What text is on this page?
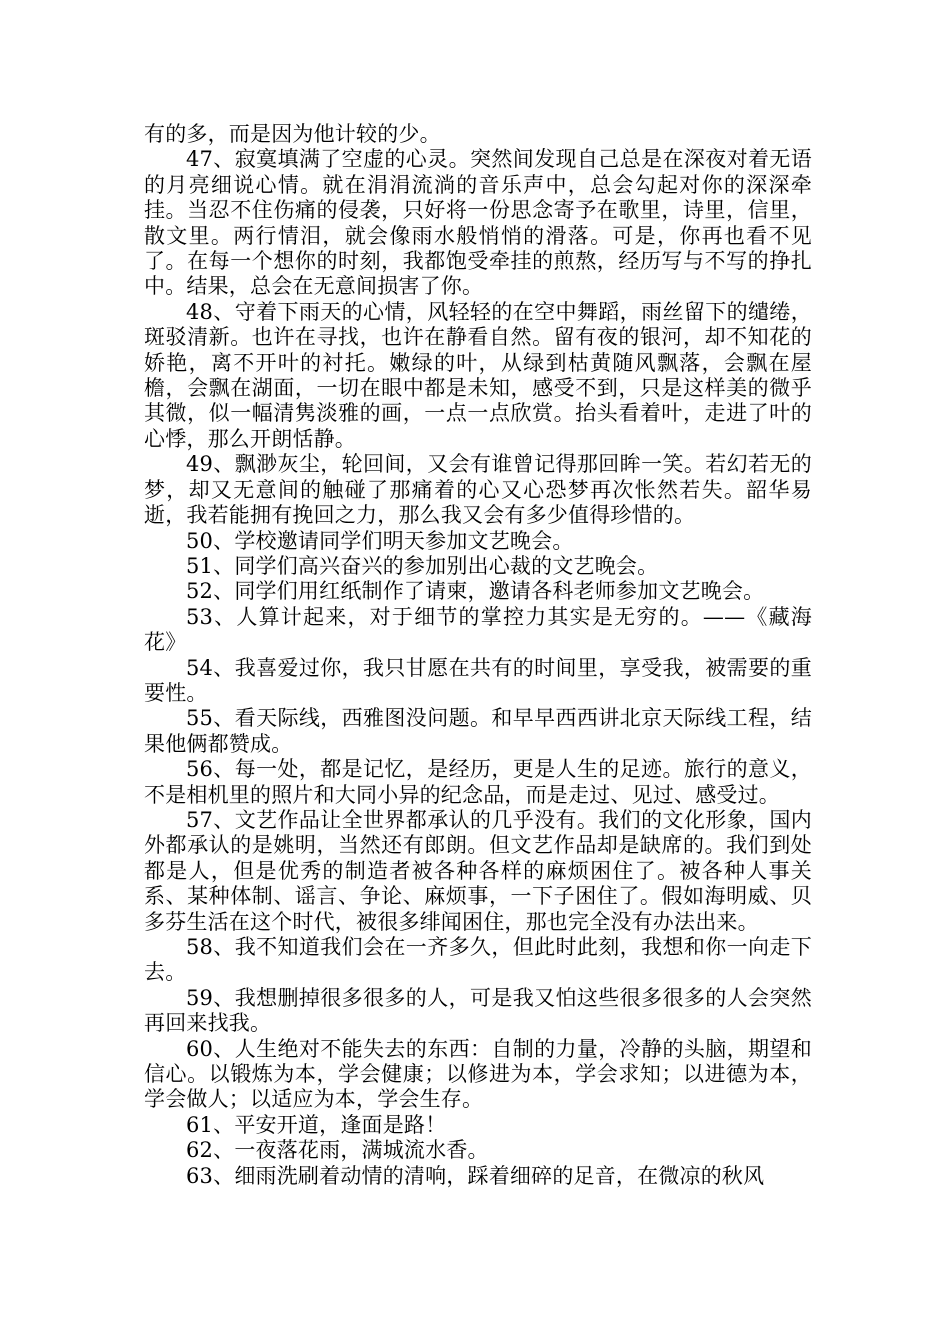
有的多，而是因为他计较的少。

47、寂寞填满了空虚的心灵。突然间发现自己总是在深夜对着无语的月亮细说心情。就在涓涓流淌的音乐声中，总会勾起对你的深深牵挂。当忍不住伤痛的侵袭，只好将一份思念寄予在歌里，诗里，信里，散文里。两行情泪，就会像雨水般悄悄的滑落。可是，你再也看不见了。在每一个想你的时刻，我都饱受牵挂的煎熬，经历写与不写的挣扎中。结果，总会在无意间损害了你。

48、守着下雨天的心情，风轻轻的在空中舞蹈，雨丝留下的缱绻，斑驳清新。也许在寻找，也许在静看自然。留有夜的银河，却不知花的娇艳，离不开叶的衬托。嫩绿的叶，从绿到枯黄随风飘落，会飘在屋檐，会飘在湖面，一切在眼中都是未知，感受不到，只是这样美的微乎其微，似一幅清隽淡雅的画，一点一点欣赏。抬头看着叶，走进了叶的心悸，那么开朗恬静。

49、飘渺灰尘，轮回间，又会有谁曾记得那回眸一笑。若幻若无的梦，却又无意间的触碰了那痛着的心又心恐梦再次怅然若失。韶华易逝，我若能拥有挽回之力，那么我又会有多少值得珍惜的。

50、学校邀请同学们明天参加文艺晚会。

51、同学们高兴奋兴的参加别出心裁的文艺晚会。

52、同学们用红纸制作了请柬，邀请各科老师参加文艺晚会。

53、人算计起来，对于细节的掌控力其实是无穷的。——《藏海花》

54、我喜爱过你，我只甘愿在共有的时间里，享受我，被需要的重要性。

55、看天际线，西雅图没问题。和早早西西讲北京天际线工程，结果他俩都赞成。

56、每一处，都是记忆，是经历，更是人生的足迹。旅行的意义，不是相机里的照片和大同小异的纪念品，而是走过、见过、感受过。

57、文艺作品让全世界都承认的几乎没有。我们的文化形象，国内外都承认的是姚明，当然还有郎朗。但文艺作品却是缺席的。我们到处都是人，但是优秀的制造者被各种各样的麻烦困住了。被各种人事关系、某种体制、谣言、争论、麻烦事，一下子困住了。假如海明威、贝多芬生活在这个时代，被很多绯闻困住，那也完全没有办法出来。

58、我不知道我们会在一齐多久，但此时此刻，我想和你一向走下去。

59、我想删掉很多很多的人，可是我又怕这些很多很多的人会突然再回来找我。

60、人生绝对不能失去的东西：自制的力量，冷静的头脑，期望和信心。以锻炼为本，学会健康；以修进为本，学会求知；以进德为本，学会做人；以适应为本，学会生存。

61、平安开道，逢面是路！

62、一夜落花雨，满城流水香。

63、细雨洗刷着动情的清响，踩着细碎的足音，在微凉的秋风
